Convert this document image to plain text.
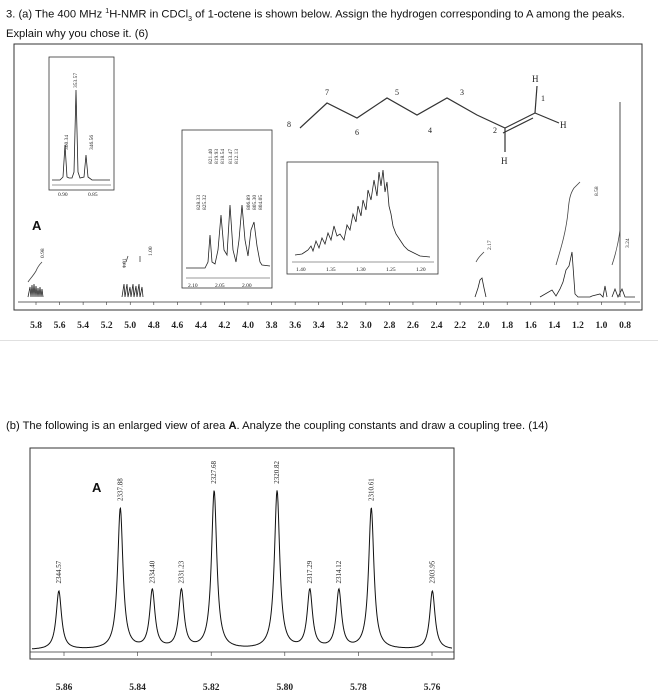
3. (a) The 400 MHz $^1$H-NMR in CDCl$_3$ of 1-octene is shown below. Assign the hydrogen corresponding to A among the peaks. Explain why you chose it. (6)
0.90	0.85
353.57
360.34	346.56
2.10	2.05	2.00
828.33 825.32
821.40 819.93 818.54 813.47 812.13
806.89 805.30 804.05
1.40	1.35	1.30	1.25	1.20
8
7
6
5
4
3
2
1
H
H
H
0.98
1.01
1.00
2.17
8.58
3.24
A
5.8 5.6 5.4 5.2 5.0 4.8 4.6 4.4 4.2 4.0 3.8 3.6 3.4 3.2 3.0 2.8 2.6 2.4 2.2 2.0 1.8 1.6 1.4 1.2 1.0 0.8
A
2344.57
2337.88
2334.40	2331.23
2327.68	2320.82
2317.29	2314.12
2310.61
2303.95
5.86	5.84	5.82	5.80	5.78	5.76
(b) The following is an enlarged view of area A. Analyze the coupling constants and draw a coupling tree. (14)
